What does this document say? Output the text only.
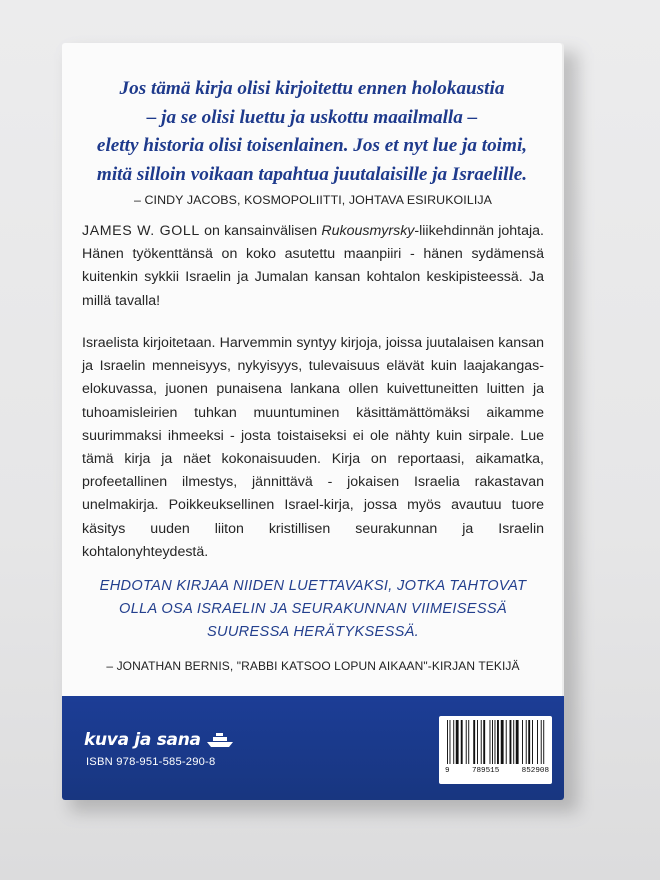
Jos tämä kirja olisi kirjoitettu ennen holokaustia
– ja se olisi luettu ja uskottu maailmalla –
eletty historia olisi toisenlainen. Jos et nyt lue ja toimi,
mitä silloin voikaan tapahtua juutalaisille ja Israelille.
– CINDY JACOBS, KOSMOPOLIITTI, JOHTAVA ESIRUKOILIJA
JAMES W. GOLL on kansainvälisen Rukousmyrsky-liikehdinnän johtaja. Hänen työkenttänsä on koko asutettu maanpiiri - hänen sydämensä kuitenkin sykkii Israelin ja Jumalan kansan kohtalon keskipisteessä. Ja millä tavalla!
Israelista kirjoitetaan. Harvemmin syntyy kirjoja, joissa juutalaisen kansan ja Israelin menneisyys, nykyisyys, tulevaisuus elävät kuin laajakangas-elokuvassa, juonen punaisena lankana ollen kuivettuneitten luitten ja tuhoamisleirien tuhkan muuntuminen käsittämättömäksi aikamme suurimmaksi ihmeeksi - josta toistaiseksi ei ole nähty kuin sirpale. Lue tämä kirja ja näet kokonaisuuden. Kirja on reportaasi, aikamatka, profeetallinen ilmestys, jännittävä - jokaisen Israelia rakastavan unelmakirja. Poikkeuksellinen Israel-kirja, jossa myös avautuu tuore käsitys uuden liiton kristillisen seurakunnan ja Israelin kohtalonyhteydestä.
EHDOTAN KIRJAA NIIDEN LUETTAVAKSI, JOTKA TAHTOVAT
OLLA OSA ISRAELIN JA SEURAKUNNAN VIIMEISESSÄ
SUURESSA HERÄTYKSESSÄ.
– JONATHAN BERNIS, "RABBI KATSOO LOPUN AIKAAN"-KIRJAN TEKIJÄ
kuva ja sana
ISBN 978-951-585-290-8
9	789515	852908
